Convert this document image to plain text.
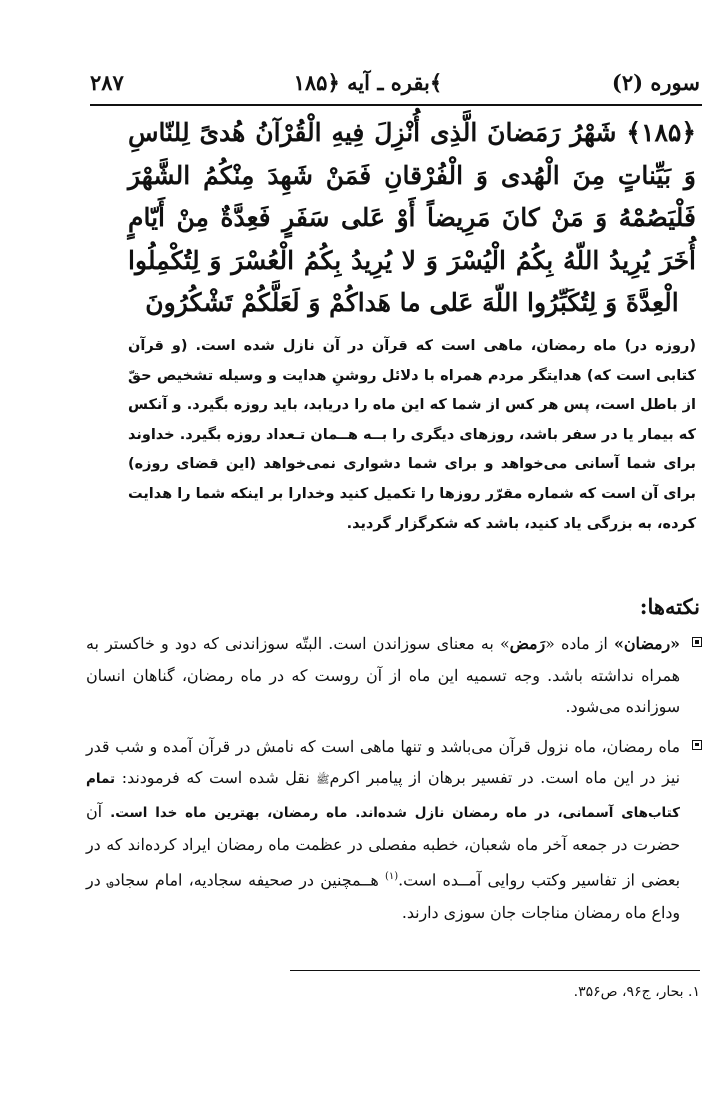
سوره (۲)
بقره ـ آیه ﴿۱۸۵﴾
۲۸۷
﴿۱۸۵﴾ شَهْرُ رَمَضانَ الَّذِی أُنْزِلَ فِیهِ الْقُرْآنُ هُدیً لِلنّاسِ وَ بَیِّناتٍ مِنَ الْهُدی وَ الْفُرْقانِ فَمَنْ شَهِدَ مِنْکُمُ الشَّهْرَ فَلْیَصُمْهُ وَ مَنْ کانَ مَرِیضاً أَوْ عَلی سَفَرٍ فَعِدَّةٌ مِنْ أَیّامٍ أُخَرَ یُرِیدُ اللّهُ بِکُمُ الْیُسْرَ وَ لا یُرِیدُ بِکُمُ الْعُسْرَ وَ لِتُکْمِلُوا الْعِدَّةَ وَ لِتُکَبِّرُوا اللّهَ عَلی ما هَداکُمْ وَ لَعَلَّکُمْ تَشْکُرُونَ
(روزه در) ماه رمضان، ماهی است که قرآن در آن نازل شده است. (و قرآن کتابی است که) هدایتگر مردم همراه با دلائل روشنِ هدایت و وسیله تشخیص حقّ از باطل است، پس هر کس از شما که این ماه را دریابد، باید روزه بگیرد. و آنکس که بیمار یا در سفر باشد، روزهای دیگری را بــه هــمان تـعداد روزه بگیرد. خداوند برای شما آسانی می‌خواهد و برای شما دشواری نمی‌خواهد (این قضای روزه) برای آن است که شماره مقرّر روزها را تکمیل کنید وخدارا بر اینکه شما را هدایت کرده، به بزرگی یاد کنید، باشد که شکرگزار گردید.
نکته‌ها:

«رمضان» از ماده «رَمض» به معنای سوزاندن است. البتّه سوزاندنی که دود و خاکستر به همراه نداشته باشد. وجه تسمیه این ماه از آن روست که در ماه رمضان، گناهان انسان سوزانده می‌شود.

ماه رمضان، ماه نزول قرآن می‌باشد و تنها ماهی است که نامش در قرآن آمده و شب قدر نیز در این ماه است. در تفسیر برهان از پیامبر اکرمﷺ نقل شده است که فرمودند: تمام کتاب‌های آسمانی، در ماه رمضان نازل شده‌اند. ماه رمضان، بهترین ماه خدا است. آن حضرت در جمعه آخر ماه شعبان، خطبه مفصلی در عظمت ماه رمضان ایراد کرده‌اند که در بعضی از تفاسیر وکتب روایی آمــده است.$^{(۱)}$ هــمچنین در صحیفه سجادیه، امام سجاد؈ در وداع ماه رمضان مناجات جان سوزی دارند.

۱. بحار، ج۹۶، ص۳۵۶.
